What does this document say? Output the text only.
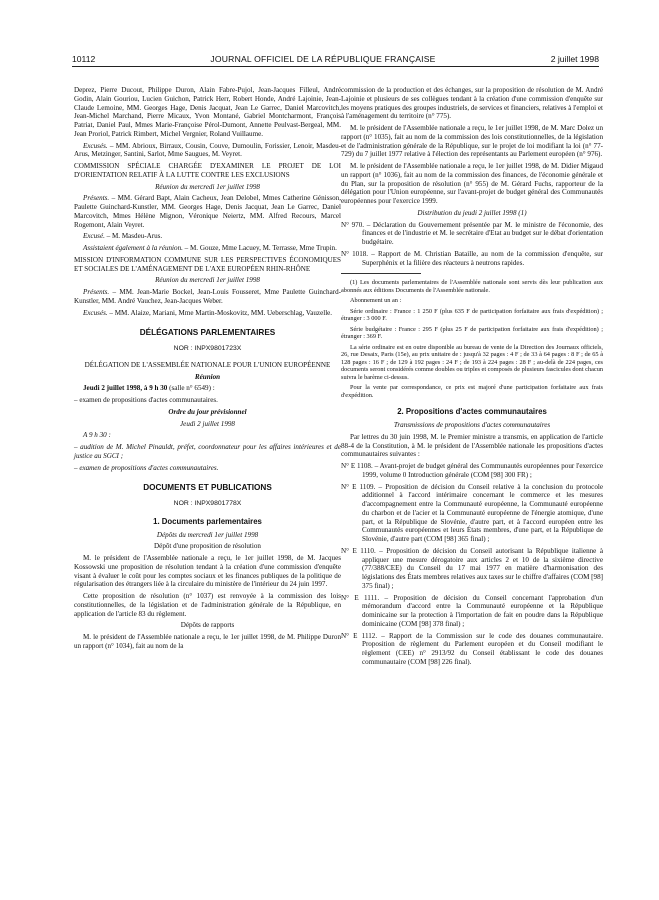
10112	JOURNAL OFFICIEL DE LA RÉPUBLIQUE FRANÇAISE	2 juillet 1998

Deprez, Pierre Ducout, Philippe Duron, Alain Fabre-Pujol, Jean-Jacques Filleul, André Godin, Alain Gouriou, Lucien Guichon, Patrick Herr, Robert Honde, André Lajoinie, Jean-Claude Lemoine, MM. Georges Hage, Denis Jacquat, Jean Le Garrec, Daniel Marcovitch, Jean-Michel Marchand, Pierre Micaux, Yvon Montané, Gabriel Montcharmont, François Patriat, Daniel Paul, Mmes Marie-Françoise Pérol-Dumont, Annette Peulvast-Bergeal, MM. Jean Proriol, Patrick Rimbert, Michel Vergnier, Roland Vuillaume.

Excusés. – MM. Abrioux, Birraux, Cousin, Couve, Dumoulin, Forissier, Lenoir, Masdeu-Arus, Metzinger, Santini, Sarlot, Mme Saugues, M. Veyret.

COMMISSION SPÉCIALE CHARGÉE D'EXAMINER LE PROJET DE LOI D'ORIENTATION RELATIF À LA LUTTE CONTRE LES EXCLUSIONS

Réunion du mercredi 1er juillet 1998

Présents. – MM. Gérard Bapt, Alain Cacheux, Jean Delobel, Mmes Catherine Génisson, Paulette Guinchard-Kunstler, MM. Georges Hage, Denis Jacquat, Jean Le Garrec, Daniel Marcovitch, Mmes Hélène Mignon, Véronique Neiertz, MM. Alfred Recours, Marcel Rogemont, Alain Veyret.

Excusé. – M. Masdeu-Arus.

Assistaient également à la réunion. – M. Gouze, Mme Lacuey, M. Terrasse, Mme Trupin.

MISSION D'INFORMATION COMMUNE SUR LES PERSPECTIVES ÉCONOMIQUES ET SOCIALES DE L'AMÉNAGEMENT DE L'AXE EUROPÉEN RHIN-RHÔNE

Réunion du mercredi 1er juillet 1998

Présents. – MM. Jean-Marie Bockel, Jean-Louis Fousseret, Mme Paulette Guinchard-Kunstler, MM. André Vauchez, Jean-Jacques Weber.

Excusés. – MM. Alaize, Mariani, Mme Martin-Moskovitz, MM. Ueberschlag, Vauzelle.

DÉLÉGATIONS PARLEMENTAIRES
NOR : INPX9801723X

DÉLÉGATION DE L'ASSEMBLÉE NATIONALE POUR L'UNION EUROPÉENNE

Réunion

Jeudi 2 juillet 1998, à 9 h 30 (salle n° 6549) :

– examen de propositions d'actes communautaires.

Ordre du jour prévisionnel

Jeudi 2 juillet 1998

A 9 h 30 :

– audition de M. Michel Pinauldt, préfet, coordonnateur pour les affaires intérieures et de justice au SGCI ;

– examen de propositions d'actes communautaires.

DOCUMENTS ET PUBLICATIONS
NOR : INPX9801778X
1. Documents parlementaires

Dépôts du mercredi 1er juillet 1998

Dépôt d'une proposition de résolution

M. le président de l'Assemblée nationale a reçu, le 1er juillet 1998, de M. Jacques Kossowski une proposition de résolution tendant à la création d'une commission d'enquête visant à évaluer le coût pour les comptes sociaux et les finances publiques de la politique de régularisation des étrangers liée à la circulaire du ministère de l'intérieur du 24 juin 1997.

Cette proposition de résolution (n° 1037) est renvoyée à la commission des lois constitutionnelles, de la législation et de l'administration générale de la République, en application de l'article 83 du règlement.

Dépôts de rapports

M. le président de l'Assemblée nationale a reçu, le 1er juillet 1998, de M. Philippe Duron un rapport (n° 1034), fait au nom de la

commission de la production et des échanges, sur la proposition de résolution de M. André Lajoinie et plusieurs de ses collègues tendant à la création d'une commission d'enquête sur les moyens pratiques des groupes industriels, de services et financiers, relatives à l'emploi et à l'aménagement du territoire (n° 775).

M. le président de l'Assemblée nationale a reçu, le 1er juillet 1998, de M. Marc Dolez un rapport (n° 1035), fait au nom de la commission des lois constitutionnelles, de la législation et de l'administration générale de la République, sur le projet de loi modifiant la loi (n° 77-729) du 7 juillet 1977 relative à l'élection des représentants au Parlement européen (n° 976).

M. le président de l'Assemblée nationale a reçu, le 1er juillet 1998, de M. Didier Migaud un rapport (n° 1036), fait au nom de la commission des finances, de l'économie générale et du Plan, sur la proposition de résolution (n° 955) de M. Gérard Fuchs, rapporteur de la délégation pour l'Union européenne, sur l'avant-projet de budget général des Communautés européennes pour l'exercice 1999.

Distribution du jeudi 2 juillet 1998 (1)

N° 970. – Déclaration du Gouvernement présentée par M. le ministre de l'économie, des finances et de l'industrie et M. le secrétaire d'Etat au budget sur le débat d'orientation budgétaire.

N° 1018. – Rapport de M. Christian Bataille, au nom de la commission d'enquête, sur Superphénix et la filière des réacteurs à neutrons rapides.

(1) Les documents parlementaires de l'Assemblée nationale sont servis dès leur publication aux abonnés aux éditions Documents de l'Assemblée nationale.

Abonnement un an :

Série ordinaire : France : 1 250 F (plus 635 F de participation forfaitaire aux frais d'expédition) ; étranger : 3 000 F.

Série budgétaire : France : 295 F (plus 25 F de participation forfaitaire aux frais d'expédition) ; étranger : 369 F.

La série ordinaire est en outre disponible au bureau de vente de la Direction des Journaux officiels, 26, rue Desaix, Paris (15e), au prix unitaire de : jusqu'à 32 pages : 4 F ; de 33 à 64 pages : 8 F ; de 65 à 128 pages : 16 F ; de 129 à 192 pages : 24 F ; de 193 à 224 pages : 28 F ; au-delà de 224 pages, ces documents seront considérés comme doubles ou triples et composés de plusieurs fascicules dont chacun suivra le barème ci-dessus.

Pour la vente par correspondance, ce prix est majoré d'une participation forfaitaire aux frais d'expédition.

2. Propositions d'actes communautaires

Transmissions de propositions d'actes communautaires

Par lettres du 30 juin 1998, M. le Premier ministre a transmis, en application de l'article 88-4 de la Constitution, à M. le président de l'Assemblée nationale les propositions d'actes communautaires suivantes :

N° E 1108. – Avant-projet de budget général des Communautés européennes pour l'exercice 1999, volume 0 Introduction générale (COM [98] 300 FR) ;

N° E 1109. – Proposition de décision du Conseil relative à la conclusion du protocole additionnel à l'accord intérimaire concernant le commerce et les mesures d'accompagnement entre la Communauté européenne, la Communauté européenne du charbon et de l'acier et la Communauté européenne de l'énergie atomique, d'une part, et la République de Slovénie, d'autre part, et à l'accord européen entre les Communautés européennes et leurs États membres, d'une part, et la République de Slovénie, d'autre part (COM [98] 365 final) ;

N° E 1110. – Proposition de décision du Conseil autorisant la République italienne à appliquer une mesure dérogatoire aux articles 2 et 10 de la sixième directive (77/388/CEE) du Conseil du 17 mai 1977 en matière d'harmonisation des législations des États membres relatives aux taxes sur le chiffre d'affaires (COM [98] 375 final) ;

N° E 1111. – Proposition de décision du Conseil concernant l'approbation d'un mémorandum d'accord entre la Communauté européenne et la République dominicaine sur la protection à l'importation de fait en poudre dans la République dominicaine (COM [98] 378 final) ;

N° E 1112. – Rapport de la Commission sur le code des douanes communautaire. Proposition de règlement du Parlement européen et du Conseil modifiant le règlement (CEE) n° 2913/92 du Conseil établissant le code des douanes communautaire (COM [98] 226 final).
